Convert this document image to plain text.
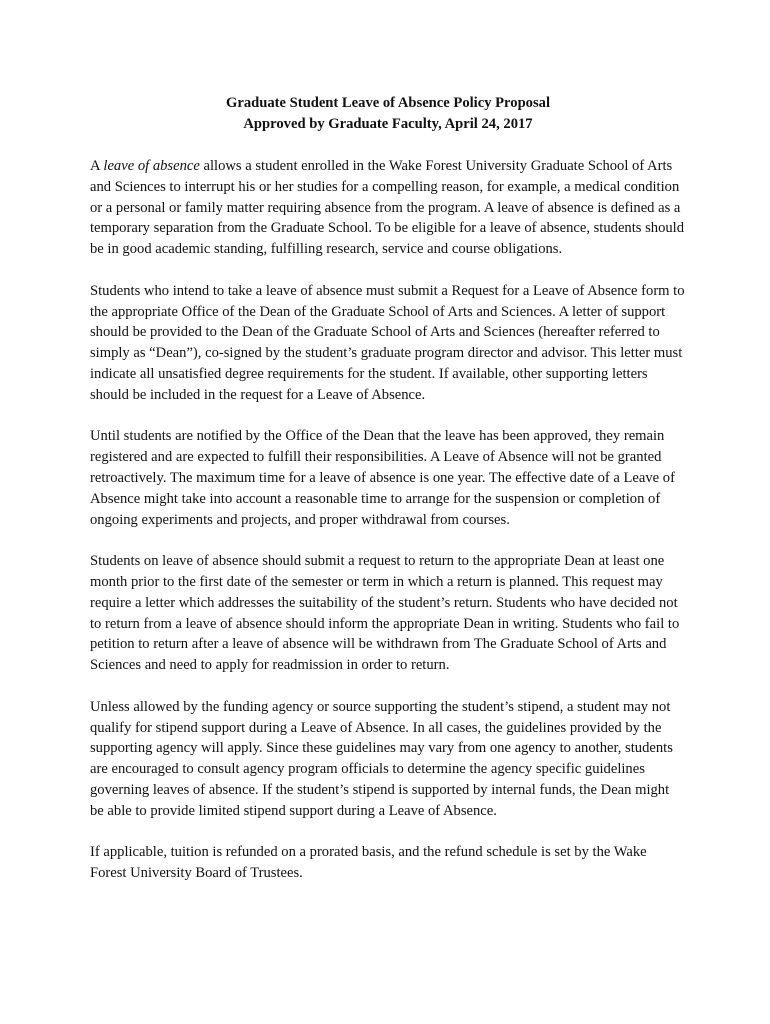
Graduate Student Leave of Absence Policy Proposal
Approved by Graduate Faculty, April 24, 2017

A leave of absence allows a student enrolled in the Wake Forest University Graduate School of Arts and Sciences to interrupt his or her studies for a compelling reason, for example, a medical condition or a personal or family matter requiring absence from the program. A leave of absence is defined as a temporary separation from the Graduate School. To be eligible for a leave of absence, students should be in good academic standing, fulfilling research, service and course obligations.

Students who intend to take a leave of absence must submit a Request for a Leave of Absence form to the appropriate Office of the Dean of the Graduate School of Arts and Sciences. A letter of support should be provided to the Dean of the Graduate School of Arts and Sciences (hereafter referred to simply as “Dean”), co-signed by the student’s graduate program director and advisor. This letter must indicate all unsatisfied degree requirements for the student. If available, other supporting letters should be included in the request for a Leave of Absence.

Until students are notified by the Office of the Dean that the leave has been approved, they remain registered and are expected to fulfill their responsibilities. A Leave of Absence will not be granted retroactively. The maximum time for a leave of absence is one year. The effective date of a Leave of Absence might take into account a reasonable time to arrange for the suspension or completion of ongoing experiments and projects, and proper withdrawal from courses.

Students on leave of absence should submit a request to return to the appropriate Dean at least one month prior to the first date of the semester or term in which a return is planned. This request may require a letter which addresses the suitability of the student’s return. Students who have decided not to return from a leave of absence should inform the appropriate Dean in writing. Students who fail to petition to return after a leave of absence will be withdrawn from The Graduate School of Arts and Sciences and need to apply for readmission in order to return.

Unless allowed by the funding agency or source supporting the student’s stipend, a student may not qualify for stipend support during a Leave of Absence. In all cases, the guidelines provided by the supporting agency will apply. Since these guidelines may vary from one agency to another, students are encouraged to consult agency program officials to determine the agency specific guidelines governing leaves of absence. If the student’s stipend is supported by internal funds, the Dean might be able to provide limited stipend support during a Leave of Absence.

If applicable, tuition is refunded on a prorated basis, and the refund schedule is set by the Wake Forest University Board of Trustees.
